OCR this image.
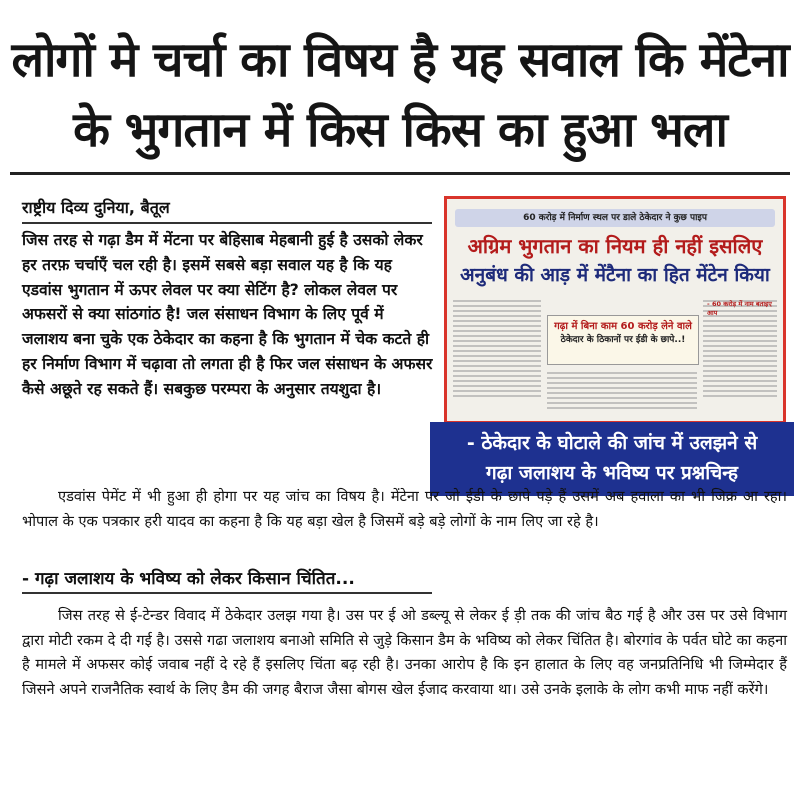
लोगों मे चर्चा का विषय है यह सवाल कि मेंटेना
के भुगतान में किस किस का हुआ भला
राष्ट्रीय दिव्य दुनिया, बैतूल

जिस तरह से गढ़ा डैम में मेंटना पर बेहिसाब मेहबानी हुई है उसको लेकर हर तरफ़ चर्चाएँ चल रही है। इसमें सबसे बड़ा सवाल यह है कि यह एडवांस भुगतान में ऊपर लेवल पर क्या सेटिंग है? लोकल लेवल पर अफसरों से क्या सांठगांठ है! जल संसाधन विभाग के लिए पूर्व में जलाशय बना चुके एक ठेकेदार का कहना है कि भुगतान में चेक कटते ही हर निर्माण विभाग में चढ़ावा तो लगता ही है फिर जल संसाधन के अफसर कैसे अछूते रह सकते हैं। सबकुछ परम्परा के अनुसार तयशुदा है।

60 करोड़ में निर्माण स्थल पर डाले ठेकेदार ने कुछ पाइप
अग्रिम भुगतान का नियम ही नहीं इसलिए
अनुबंध की आड़ में मेंटैना का हित मेंटेन किया
गढ़ा में बिना काम 60 करोड़ लेने वाले
ठेकेदार के ठिकानों पर ईडी के छापे..!
- 60 करोड़ में नाम बताइए आप
- ठेकेदार के घोटाले की जांच में उलझने से
गढ़ा जलाशय के भविष्य पर प्रश्नचिन्ह

एडवांस पेमेंट में भी हुआ ही होगा पर यह जांच का विषय है। मेंटेना पर जो ईडी के छापे पड़े हैं उसमें अब हवाला का भी जिक्र आ रहा। भोपाल के एक पत्रकार हरी यादव का कहना है कि यह बड़ा खेल है जिसमें बड़े बड़े लोगों के नाम लिए जा रहे है।

- गढ़ा जलाशय के भविष्य को लेकर किसान चिंतित...

जिस तरह से ई-टेन्डर विवाद में ठेकेदार उलझ गया है। उस पर ई ओ डब्ल्यू से लेकर ई ड़ी तक की जांच बैठ गई है और उस पर उसे विभाग द्वारा मोटी रकम दे दी गई है। उससे गढा जलाशय बनाओ समिति से जुड़े किसान डैम के भविष्य को लेकर चिंतित है। बोरगांव के पर्वत घोटे का कहना है मामले में अफसर कोई जवाब नहीं दे रहे हैं इसलिए चिंता बढ़ रही है। उनका आरोप है कि इन हालात के लिए वह जनप्रतिनिधि भी जिम्मेदार हैं जिसने अपने राजनैतिक स्वार्थ के लिए डैम की जगह बैराज जैसा बोगस खेल ईजाद करवाया था। उसे उनके इलाके के लोग कभी माफ नहीं करेंगे।
